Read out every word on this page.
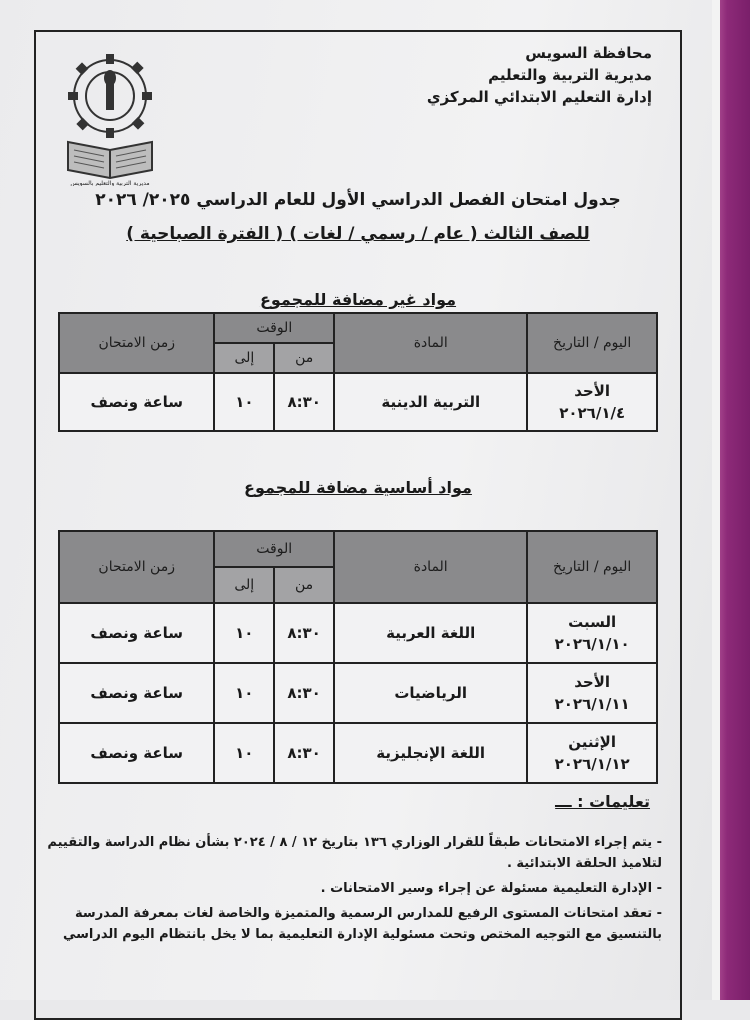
محافظة السويس
مديرية التربية والتعليم
إدارة التعليم الابتدائي المركزي
مديرية التربية والتعليم بالسويس
جدول امتحان الفصل الدراسي الأول للعام الدراسي ٢٠٢٥/ ٢٠٢٦
للصف الثالث ( عام / رسمي / لغات ) ( الفترة الصباحية )
مواد غير مضافة للمجموع
اليوم / التاريخ	المادة	الوقت		زمن الامتحان
		من	إلى	

الأحد
٢٠٢٦/١/٤	التربية الدينية	٨:٣٠	١٠	ساعة ونصف
مواد أساسية مضافة للمجموع
اليوم / التاريخ	المادة	الوقت		زمن الامتحان
		من	إلى	

السبت
٢٠٢٦/١/١٠	اللغة العربية	٨:٣٠	١٠	ساعة ونصف

الأحد
٢٠٢٦/١/١١	الرياضيات	٨:٣٠	١٠	ساعة ونصف

الإثنين
٢٠٢٦/١/١٢	اللغة الإنجليزية	٨:٣٠	١٠	ساعة ونصف
تعليمات : ـــ

- يتم إجراء الامتحانات طبقاً للقرار الوزاري ١٣٦ بتاريخ ١٢ / ٨ / ٢٠٢٤ بشأن نظام الدراسة والتقييم لتلاميذ الحلقة الابتدائية .

- الإدارة التعليمية مسئولة عن إجراء وسير الامتحانات .

- تعقد امتحانات المستوى الرفيع للمدارس الرسمية والمتميزة والخاصة لغات بمعرفة المدرسة بالتنسيق مع التوجيه المختص وتحت مسئولية الإدارة التعليمية بما لا يخل بانتظام اليوم الدراسي
